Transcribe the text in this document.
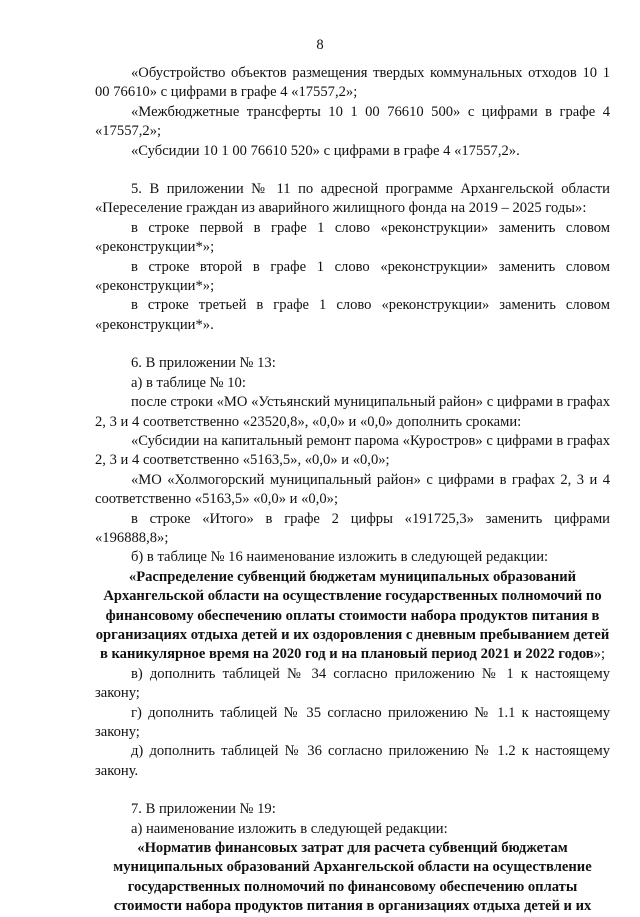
8

«Обустройство объектов размещения твердых коммунальных отходов 10 1 00 76610» с цифрами в графе 4 «17557,2»;

«Межбюджетные трансферты 10 1 00 76610 500» с цифрами в графе 4 «17557,2»;

«Субсидии 10 1 00 76610 520» с цифрами в графе 4 «17557,2».

5. В приложении № 11 по адресной программе Архангельской области «Переселение граждан из аварийного жилищного фонда на 2019 – 2025 годы»:

в строке первой в графе 1 слово «реконструкции» заменить словом «реконструкции*»;

в строке второй в графе 1 слово «реконструкции» заменить словом «реконструкции*»;

в строке третьей в графе 1 слово «реконструкции» заменить словом «реконструкции*».

6. В приложении № 13:

а) в таблице № 10:

после строки «МО «Устьянский муниципальный район» с цифрами в графах 2, 3 и 4 соответственно «23520,8», «0,0» и «0,0» дополнить сроками:

«Субсидии на капитальный ремонт парома «Куростров» с цифрами в графах 2, 3 и 4 соответственно «5163,5», «0,0» и «0,0»;

«МО «Холмогорский муниципальный район» с цифрами в графах 2, 3 и 4 соответственно «5163,5» «0,0» и «0,0»;

в строке «Итого» в графе 2 цифры «191725,3» заменить цифрами «196888,8»;

б) в таблице № 16 наименование изложить в следующей редакции:

«Распределение субвенций бюджетам муниципальных образований Архангельской области на осуществление государственных полномочий по финансовому обеспечению оплаты стоимости набора продуктов питания в организациях отдыха детей и их оздоровления с дневным пребыванием детей в каникулярное время на 2020 год и на плановый период 2021 и 2022 годов»;

в) дополнить таблицей № 34 согласно приложению № 1 к настоящему закону;

г) дополнить таблицей № 35 согласно приложению № 1.1 к настоящему закону;

д) дополнить таблицей № 36 согласно приложению № 1.2 к настоящему закону.

7. В приложении № 19:

а) наименование изложить в следующей редакции:

«Норматив финансовых затрат для расчета субвенций бюджетам муниципальных образований Архангельской области на осуществление государственных полномочий по финансовому обеспечению оплаты стоимости набора продуктов питания в организациях отдыха детей и их
